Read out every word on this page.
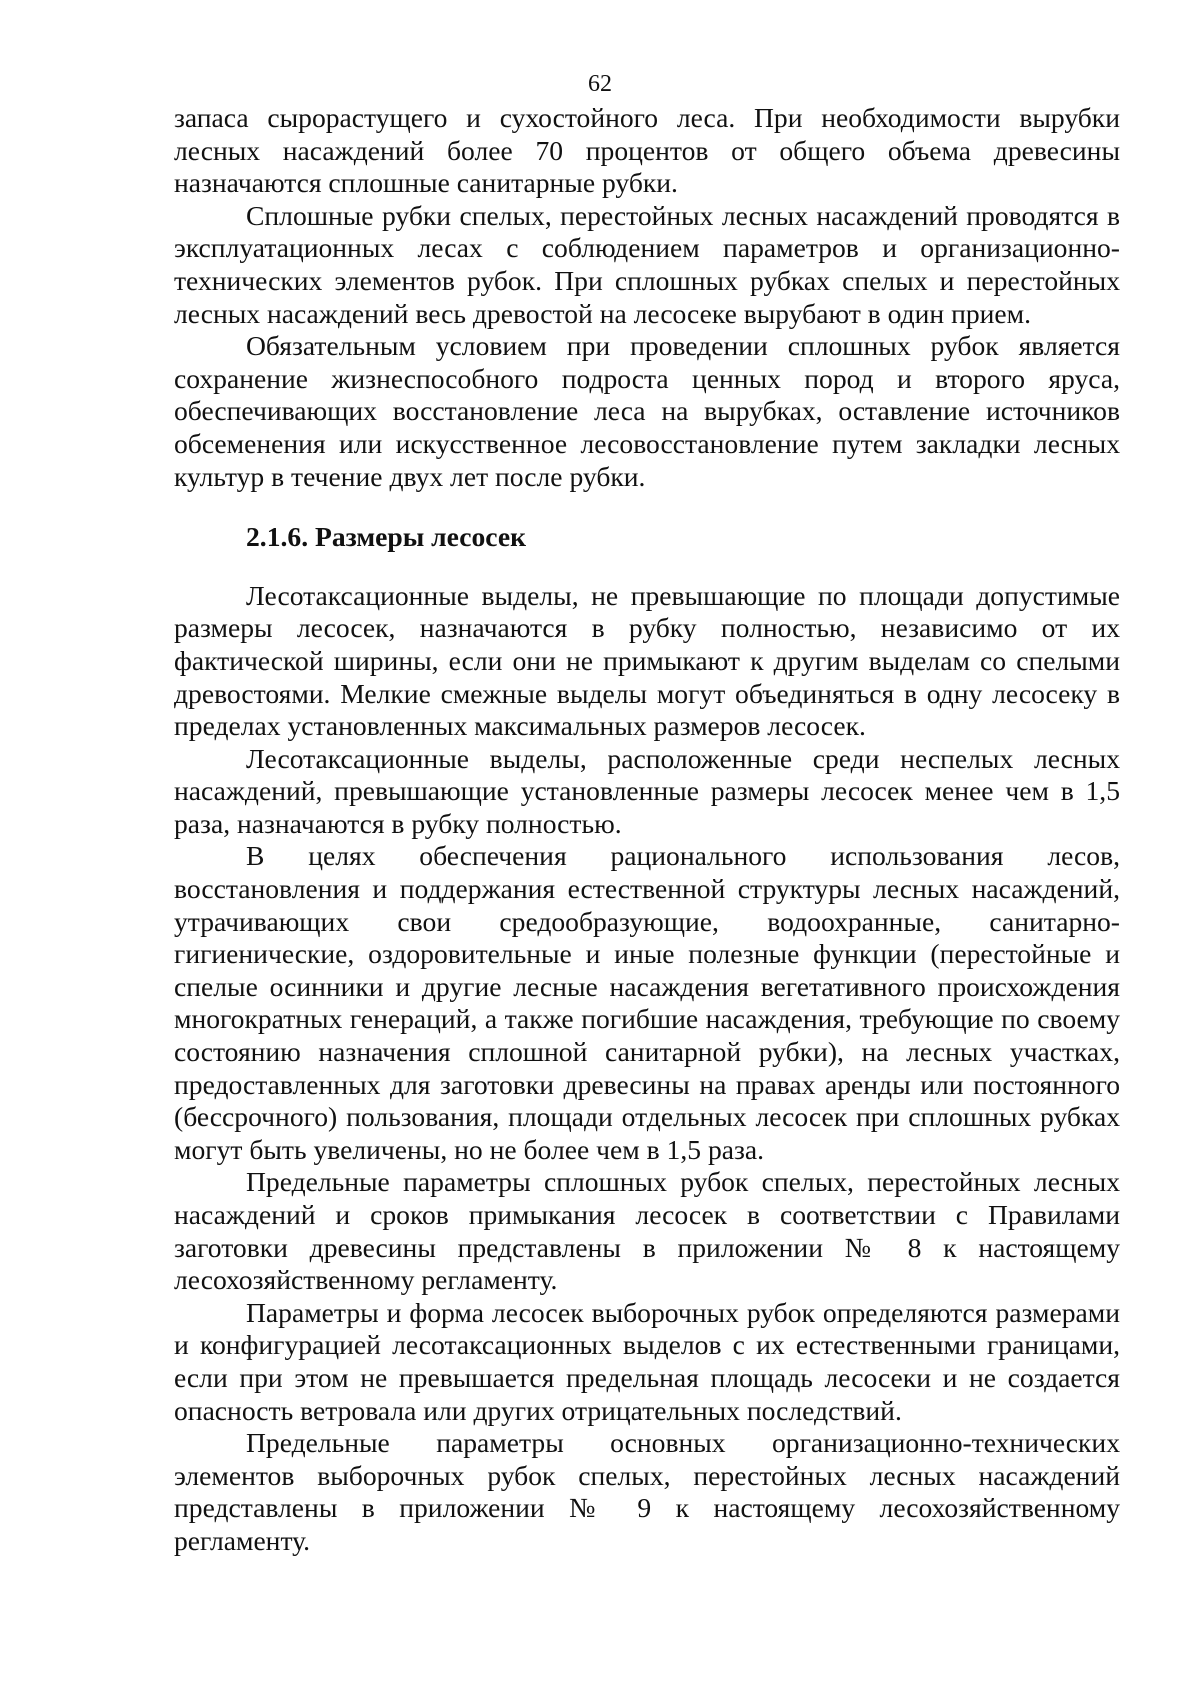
62

запаса сырорастущего и сухостойного леса. При необходимости вырубки лесных насаждений более 70 процентов от общего объема древесины назначаются сплошные санитарные рубки.

Сплошные рубки спелых, перестойных лесных насаждений проводятся в эксплуатационных лесах с соблюдением параметров и организационно-технических элементов рубок. При сплошных рубках спелых и перестойных лесных насаждений весь древостой на лесосеке вырубают в один прием.

Обязательным условием при проведении сплошных рубок является сохранение жизнеспособного подроста ценных пород и второго яруса, обеспечивающих восстановление леса на вырубках, оставление источников обсеменения или искусственное лесовосстановление путем закладки лесных культур в течение двух лет после рубки.

2.1.6. Размеры лесосек

Лесотаксационные выделы, не превышающие по площади допустимые размеры лесосек, назначаются в рубку полностью, независимо от их фактической ширины, если они не примыкают к другим выделам со спелыми древостоями. Мелкие смежные выделы могут объединяться в одну лесосеку в пределах установленных максимальных размеров лесосек.

Лесотаксационные выделы, расположенные среди неспелых лесных насаждений, превышающие установленные размеры лесосек менее чем в 1,5 раза, назначаются в рубку полностью.

В целях обеспечения рационального использования лесов, восстановления и поддержания естественной структуры лесных насаждений, утрачивающих свои средообразующие, водоохранные, санитарно-гигиенические, оздоровительные и иные полезные функции (перестойные и спелые осинники и другие лесные насаждения вегетативного происхождения многократных генераций, а также погибшие насаждения, требующие по своему состоянию назначения сплошной санитарной рубки), на лесных участках, предоставленных для заготовки древесины на правах аренды или постоянного (бессрочного) пользования, площади отдельных лесосек при сплошных рубках могут быть увеличены, но не более чем в 1,5 раза.

Предельные параметры сплошных рубок спелых, перестойных лесных насаждений и сроков примыкания лесосек в соответствии с Правилами заготовки древесины представлены в приложении № 8 к настоящему лесохозяйственному регламенту.

Параметры и форма лесосек выборочных рубок определяются размерами и конфигурацией лесотаксационных выделов с их естественными границами, если при этом не превышается предельная площадь лесосеки и не создается опасность ветровала или других отрицательных последствий.

Предельные параметры основных организационно-технических элементов выборочных рубок спелых, перестойных лесных насаждений представлены в приложении № 9 к настоящему лесохозяйственному регламенту.
